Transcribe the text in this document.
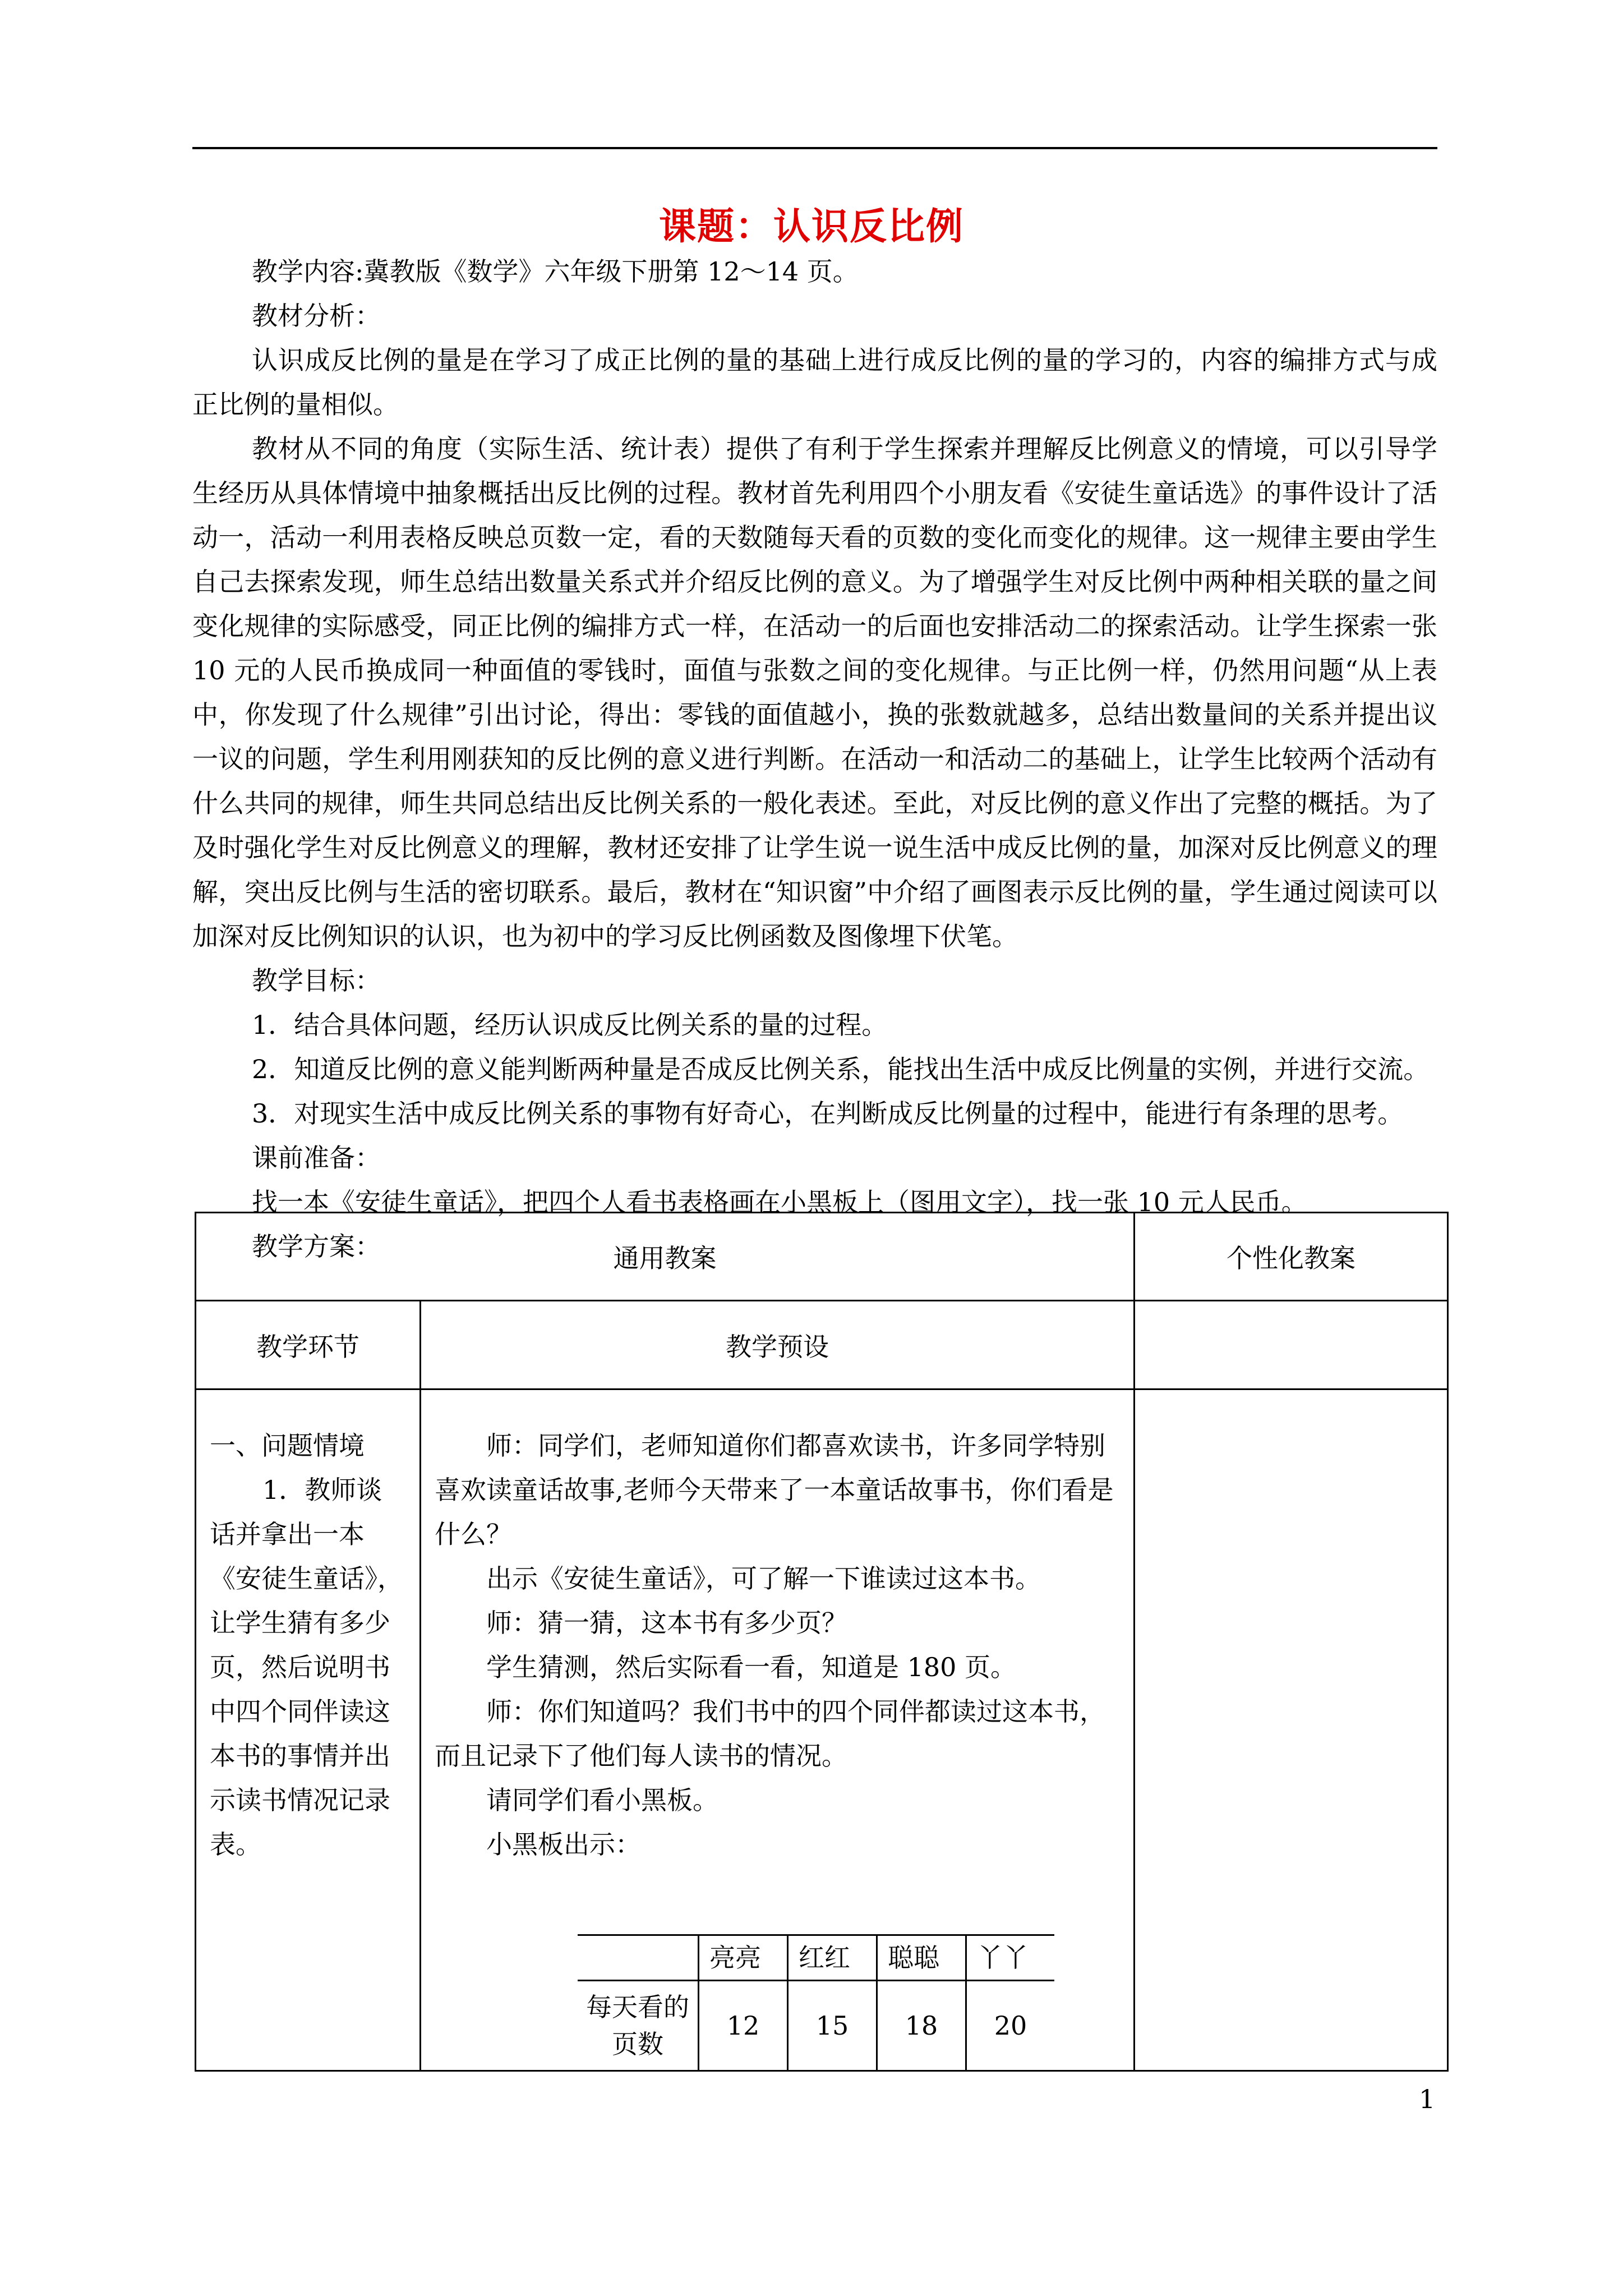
课题：认识反比例

教学内容:冀教版《数学》六年级下册第 12～14 页。

教材分析：

认识成反比例的量是在学习了成正比例的量的基础上进行成反比例的量的学习的，内容的编排方式与成正比例的量相似。

教材从不同的角度（实际生活、统计表）提供了有利于学生探索并理解反比例意义的情境，可以引导学生经历从具体情境中抽象概括出反比例的过程。教材首先利用四个小朋友看《安徒生童话选》的事件设计了活动一，活动一利用表格反映总页数一定，看的天数随每天看的页数的变化而变化的规律。这一规律主要由学生自己去探索发现，师生总结出数量关系式并介绍反比例的意义。为了增强学生对反比例中两种相关联的量之间变化规律的实际感受，同正比例的编排方式一样，在活动一的后面也安排活动二的探索活动。让学生探索一张 10 元的人民币换成同一种面值的零钱时，面值与张数之间的变化规律。与正比例一样，仍然用问题“从上表中，你发现了什么规律”引出讨论，得出：零钱的面值越小，换的张数就越多，总结出数量间的关系并提出议一议的问题，学生利用刚获知的反比例的意义进行判断。在活动一和活动二的基础上，让学生比较两个活动有什么共同的规律，师生共同总结出反比例关系的一般化表述。至此，对反比例的意义作出了完整的概括。为了及时强化学生对反比例意义的理解，教材还安排了让学生说一说生活中成反比例的量，加深对反比例意义的理解，突出反比例与生活的密切联系。最后，教材在“知识窗”中介绍了画图表示反比例的量，学生通过阅读可以加深对反比例知识的认识，也为初中的学习反比例函数及图像埋下伏笔。

教学目标：

1．结合具体问题，经历认识成反比例关系的量的过程。

2．知道反比例的意义能判断两种量是否成反比例关系，能找出生活中成反比例量的实例，并进行交流。

3．对现实生活中成反比例关系的事物有好奇心，在判断成反比例量的过程中，能进行有条理的思考。

课前准备：

找一本《安徒生童话》，把四个人看书表格画在小黑板上（图用文字），找一张 10 元人民币。

教学方案：	通用教案	个性化教案
教学环节	教学预设	

一、问题情境
1．教师谈话并拿出一本《安徒生童话》，让学生猜有多少页，然后说明书中四个同伴读这本书的事情并出示读书情况记录表。

师：同学们，老师知道你们都喜欢读书，许多同学特别喜欢读童话故事,老师今天带来了一本童话故事书，你们看是什么？

出示《安徒生童话》，可了解一下谁读过这本书。

师：猜一猜，这本书有多少页？

学生猜测，然后实际看一看，知道是 180 页。

师：你们知道吗？我们书中的四个同伴都读过这本书，而且记录下了他们每人读书的情况。

请同学们看小黑板。

小黑板出示：

	亮亮	红红	聪聪	丫丫
每天看的页数	12	15	18	20

1
